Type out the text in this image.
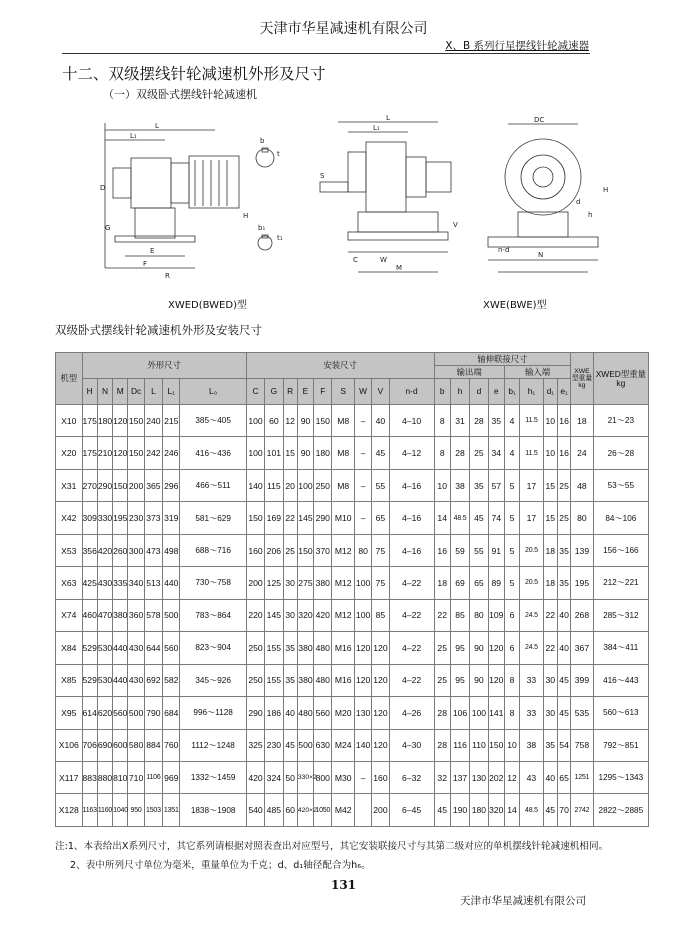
天津市华星减速机有限公司
X、B 系列行星摆线针轮减速器
十二、双级摆线针轮减速机外形及尺寸
（一）双级卧式摆线针轮减速机
L
L₁
D
G
E
F
R
H
t
b
t₁
b₁
L
L₁
S
C	W
M
V
DC
N
n-d
H
h
d
XWED(BWED)型	XWE(BWE)型
双级卧式摆线针轮减速机外形及安装尺寸
机型	外形尺寸							安装尺寸									轴伸联接尺寸								XWE型重量kg	XWED型重量kg
																	输出端				输入端					
	H	N	M	Dc	L	L₁	L₀	C	G	R	E	F	S	W	V	n-d	b	h	d	e	b₁	h₁	d₁	e₁		
X10	175	180	120	150	240	215	385～405	100	60	12	90	150	M8	–	40	4–10	8	31	28	35	4	11.5	10	16	18	21～23
X20	175	210	120	150	242	246	416～436	100	101	15	90	180	M8	–	45	4–12	8	28	25	34	4	11.5	10	16	24	26～28
X31	270	290	150	200	365	296	466～511	140	115	20	100	250	M8	–	55	4–16	10	38	35	57	5	17	15	25	48	53～55
X42	309	330	195	230	373	319	581～629	150	169	22	145	290	M10	–	65	4–16	14	48.5	45	74	5	17	15	25	80	84～106
X53	356	420	260	300	473	498	688～716	160	206	25	150	370	M12	80	75	4–16	16	59	55	91	5	20.5	18	35	139	156～166
X63	425	430	335	340	513	440	730～758	200	125	30	275	380	M12	100	75	4–22	18	69	65	89	5	20.5	18	35	195	212～221
X74	460	470	380	360	578	500	783～864	220	145	30	320	420	M12	100	85	4–22	22	85	80	109	6	24.5	22	40	268	285～312
X84	529	530	440	430	644	560	823～904	250	155	35	380	480	M16	120	120	4–22	25	95	90	120	6	24.5	22	40	367	384～411
X85	529	530	440	430	692	582	345～926	250	155	35	380	480	M16	120	120	4–22	25	95	90	120	8	33	30	45	399	416～443
X95	614	620	560	500	790	684	996～1128	290	186	40	480	560	M20	130	120	4–26	28	106	100	141	8	33	30	45	535	560～613
X106	706	690	600	580	884	760	1112～1248	325	230	45	500	630	M24	140	120	4–30	28	116	110	150	10	38	35	54	758	792～851
X117	883	880	810	710	1106	969	1332～1459	420	324	50	330×2	800	M30	–	160	6–32	32	137	130	202	12	43	40	65	1251	1295～1343
X128	1163	1160	1040	950	1503	1351	1838～1908	540	485	60	420×2	1050	M42		200	6–45	45	190	180	320	14	48.5	45	70	2742	2822～2885
注:1、本表给出X系列尺寸，其它系列请根据对照表查出对应型号，其它安装联接尺寸与其第二级对应的单机摆线针轮减速机相同。
2、表中所列尺寸单位为毫米，重量单位为千克；d、d₁轴径配合为h₆。
131
天津市华星减速机有限公司
